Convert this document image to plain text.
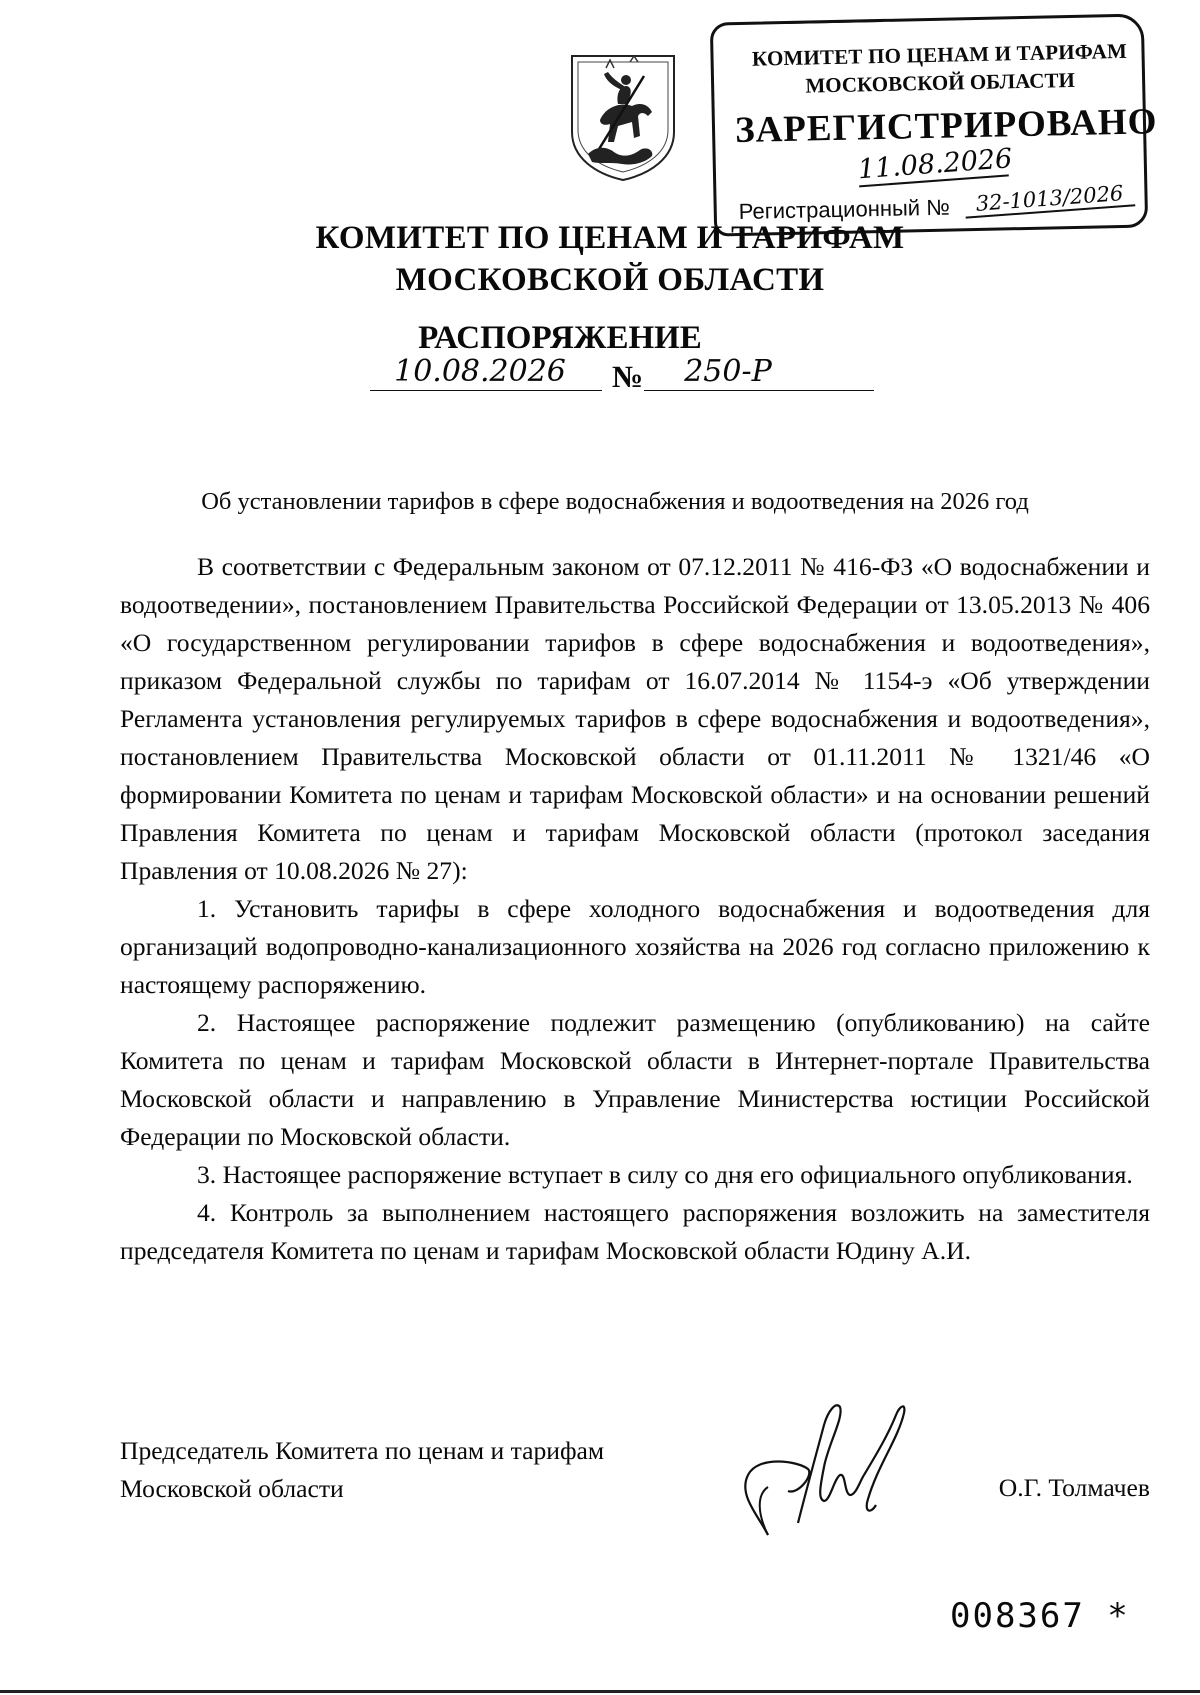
КОМИТЕТ ПО ЦЕНАМ И ТАРИФАМ
МОСКОВСКОЙ ОБЛАСТИ
ЗАРЕГИСТРИРОВАНО
11.08.2026
Регистрационный №	32-1013/2026
КОМИТЕТ ПО ЦЕНАМ И ТАРИФАМ
МОСКОВСКОЙ ОБЛАСТИ
РАСПОРЯЖЕНИЕ
10.08.2026	№	250-Р
Об установлении тарифов в сфере водоснабжения и водоотведения на 2026 год

В соответствии с Федеральным законом от 07.12.2011 № 416-ФЗ «О водоснабжении и водоотведении», постановлением Правительства Российской Федерации от 13.05.2013 № 406 «О государственном регулировании тарифов в сфере водоснабжения и водоотведения», приказом Федеральной службы по тарифам от 16.07.2014 № 1154-э «Об утверждении Регламента установления регулируемых тарифов в сфере водоснабжения и водоотведения», постановлением Правительства Московской области от 01.11.2011 № 1321/46 «О формировании Комитета по ценам и тарифам Московской области» и на основании решений Правления Комитета по ценам и тарифам Московской области (протокол заседания Правления от 10.08.2026 № 27):

1. Установить тарифы в сфере холодного водоснабжения и водоотведения для организаций водопроводно-канализационного хозяйства на 2026 год согласно приложению к настоящему распоряжению.

2. Настоящее распоряжение подлежит размещению (опубликованию) на сайте Комитета по ценам и тарифам Московской области в Интернет-портале Правительства Московской области и направлению в Управление Министерства юстиции Российской Федерации по Московской области.

3. Настоящее распоряжение вступает в силу со дня его официального опубликования.

4. Контроль за выполнением настоящего распоряжения возложить на заместителя председателя Комитета по ценам и тарифам Московской области Юдину А.И.

Председатель Комитета по ценам и тарифам
Московской области	О.Г. Толмачев
008367 *
